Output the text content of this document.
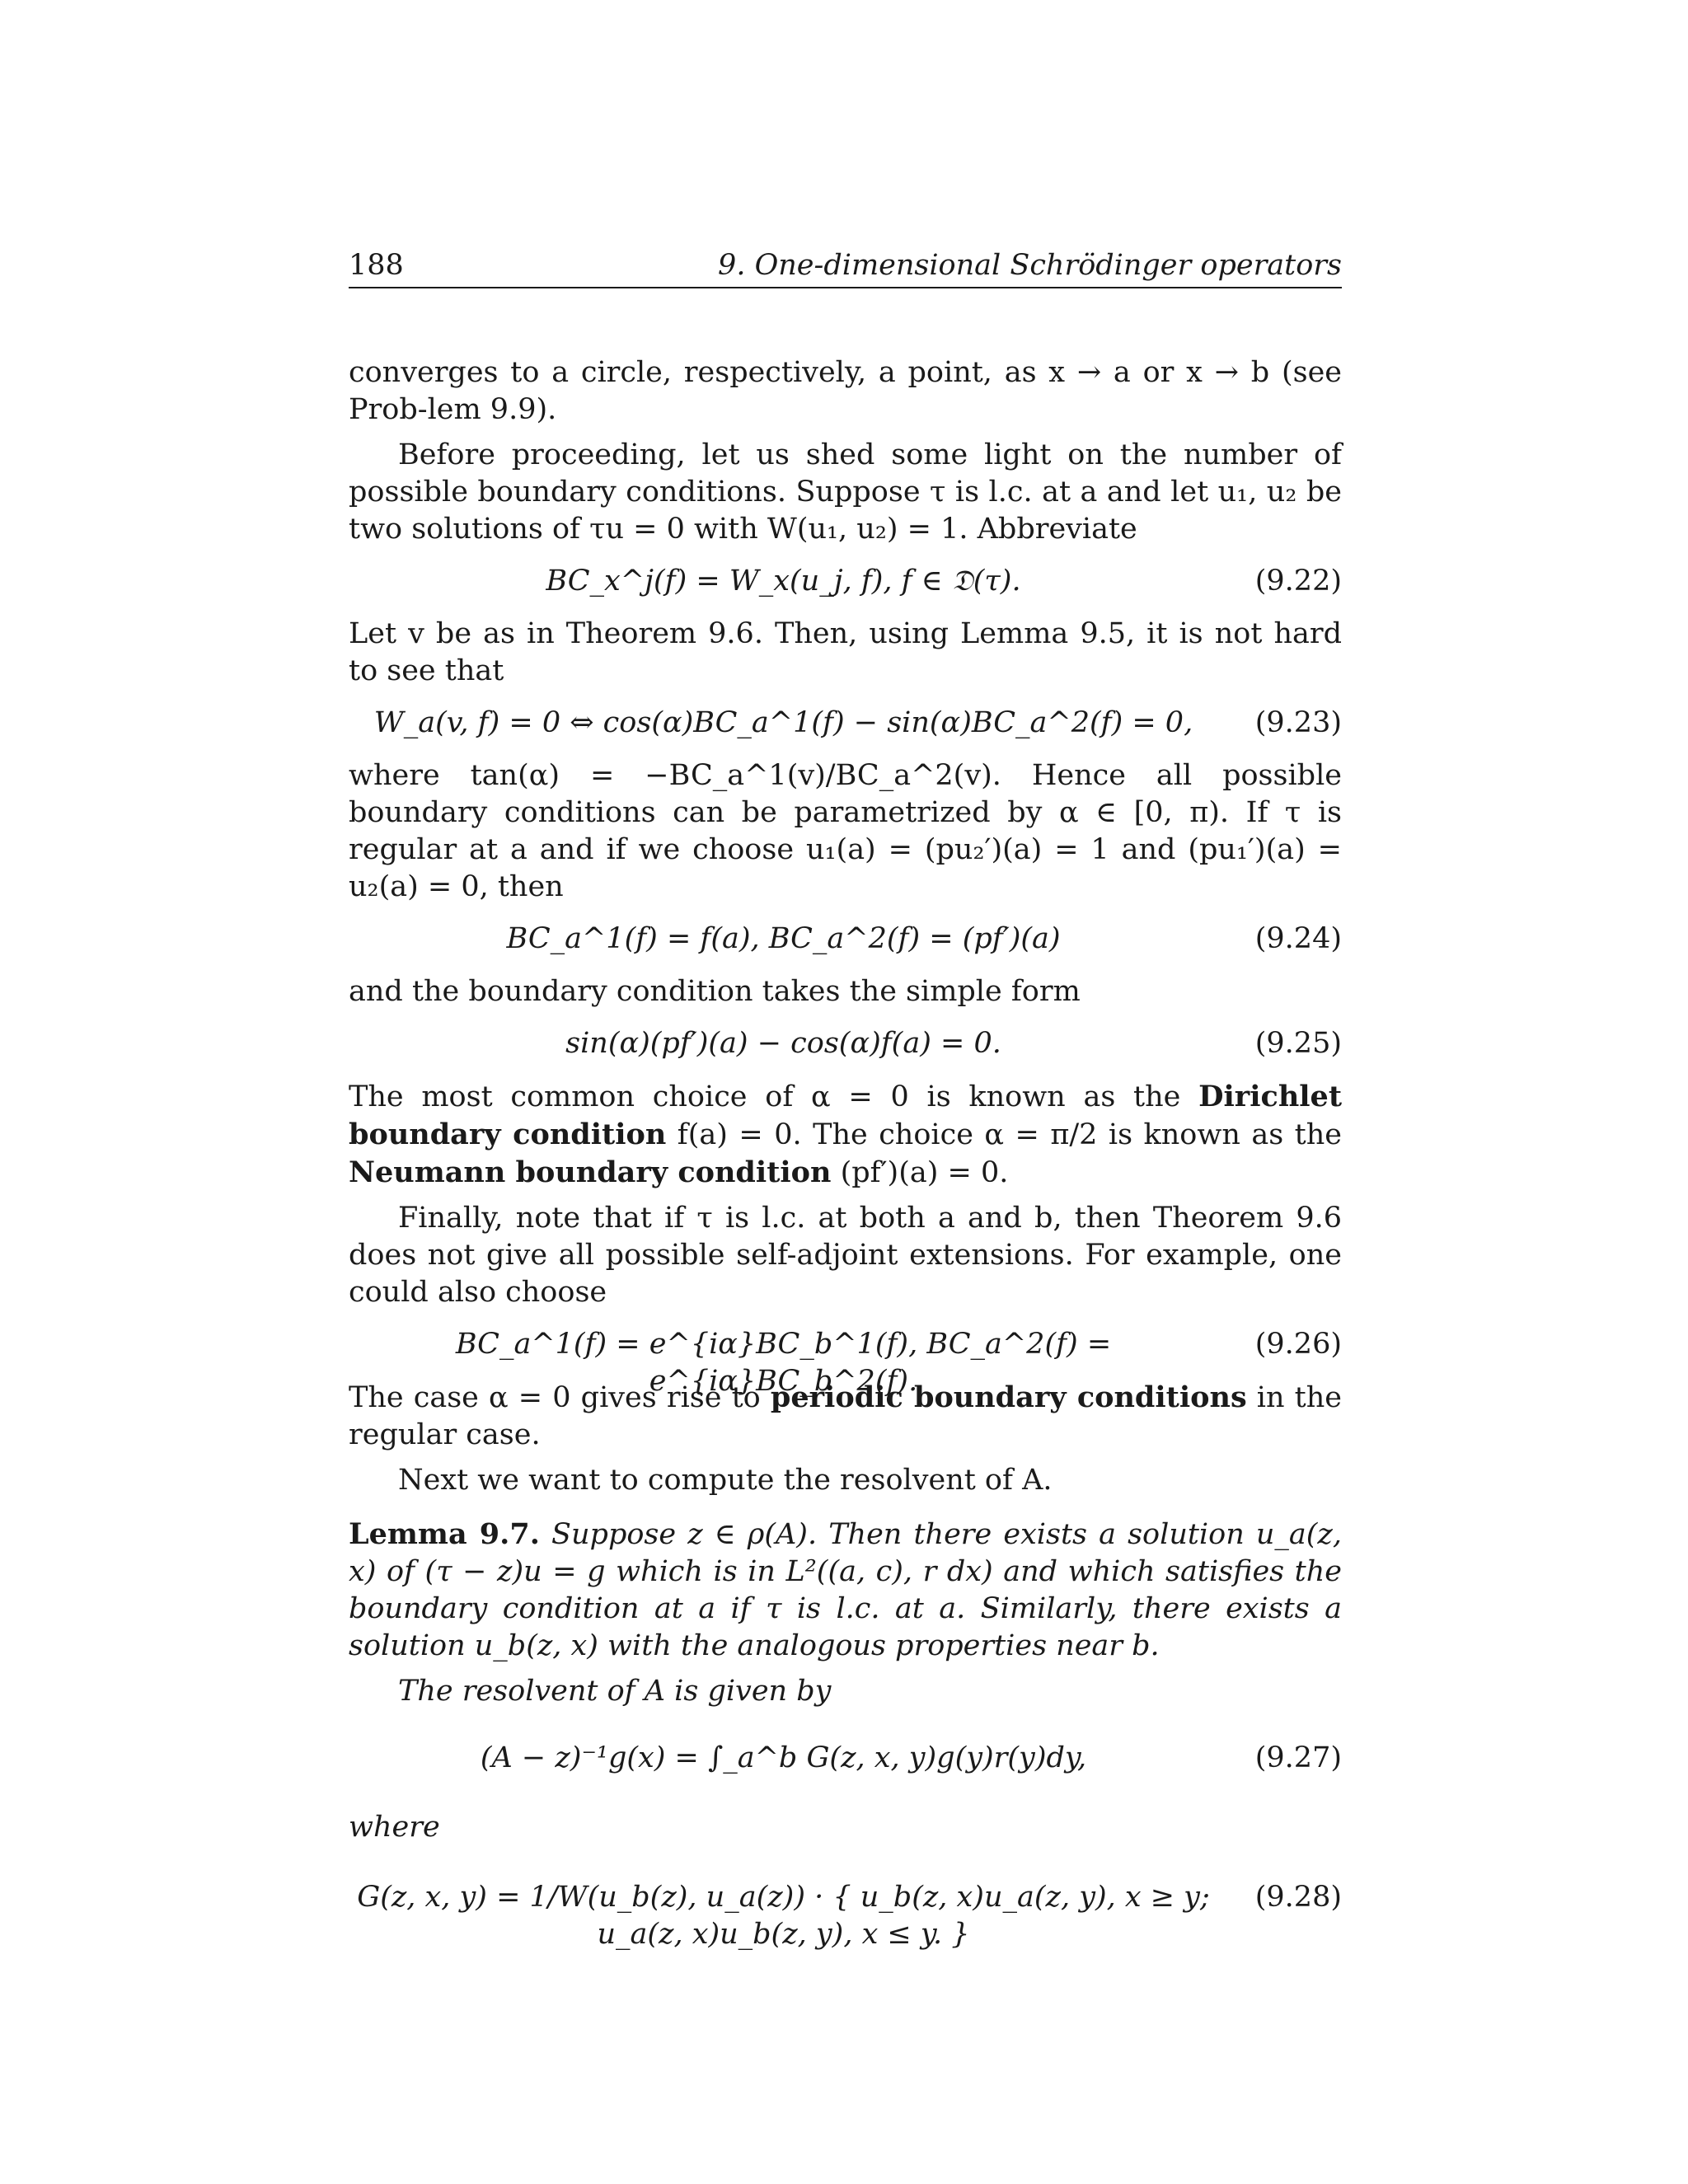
188	9. One-dimensional Schrödinger operators

converges to a circle, respectively, a point, as x → a or x → b (see Prob-lem 9.9).

Before proceeding, let us shed some light on the number of possible boundary conditions. Suppose τ is l.c. at a and let u₁, u₂ be two solutions of τu = 0 with W(u₁, u₂) = 1. Abbreviate

BC_x^j(f) = W_x(u_j, f), f ∈ 𝔇(τ).	(9.22)

Let v be as in Theorem 9.6. Then, using Lemma 9.5, it is not hard to see that

W_a(v, f) = 0 ⇔ cos(α)BC_a^1(f) − sin(α)BC_a^2(f) = 0,	(9.23)

where tan(α) = −BC_a^1(v)/BC_a^2(v). Hence all possible boundary conditions can be parametrized by α ∈ [0, π). If τ is regular at a and if we choose u₁(a) = (pu₂′)(a) = 1 and (pu₁′)(a) = u₂(a) = 0, then

BC_a^1(f) = f(a), BC_a^2(f) = (pf′)(a)	(9.24)

and the boundary condition takes the simple form

sin(α)(pf′)(a) − cos(α)f(a) = 0.	(9.25)

The most common choice of α = 0 is known as the Dirichlet boundary condition f(a) = 0. The choice α = π/2 is known as the Neumann boundary condition (pf′)(a) = 0.

Finally, note that if τ is l.c. at both a and b, then Theorem 9.6 does not give all possible self-adjoint extensions. For example, one could also choose

BC_a^1(f) = e^{iα}BC_b^1(f), BC_a^2(f) = e^{iα}BC_b^2(f).
(9.26)

The case α = 0 gives rise to periodic boundary conditions in the regular case.

Next we want to compute the resolvent of A.

Lemma 9.7. Suppose z ∈ ρ(A). Then there exists a solution u_a(z, x) of (τ − z)u = g which is in L²((a, c), r dx) and which satisfies the boundary condition at a if τ is l.c. at a. Similarly, there exists a solution u_b(z, x) with the analogous properties near b.

The resolvent of A is given by

(A − z)⁻¹g(x) = ∫_a^b G(z, x, y)g(y)r(y)dy,	(9.27)

where

G(z, x, y) = 1/W(u_b(z), u_a(z)) · { u_b(z, x)u_a(z, y), x ≥ y; u_a(z, x)u_b(z, y), x ≤ y. }
(9.28)
